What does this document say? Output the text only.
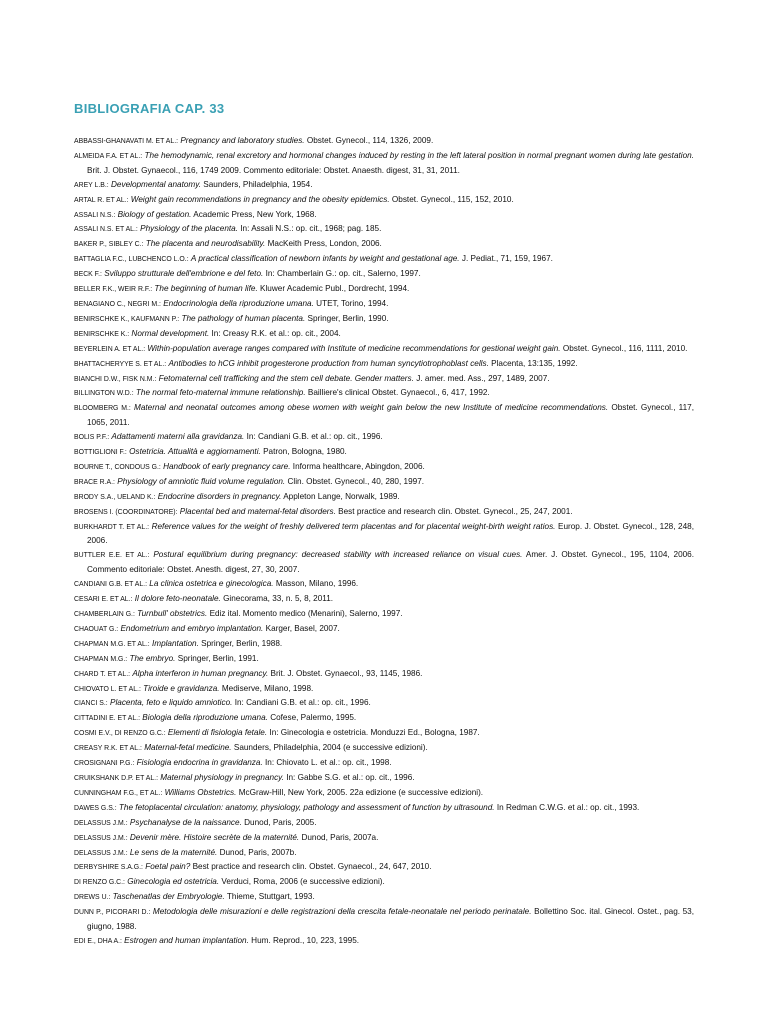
BIBLIOGRAFIA CAP. 33
ABBASSI-GHANAVATI M. ET AL.: Pregnancy and laboratory studies. Obstet. Gynecol., 114, 1326, 2009.
ALMEIDA F.A. ET AL.: The hemodynamic, renal excretory and hormonal changes induced by resting in the left lateral position in normal pregnant women during late gestation. Brit. J. Obstet. Gynaecol., 116, 1749 2009. Commento editoriale: Obstet. Anaesth. digest, 31, 31, 2011.
AREY L.B.: Developmental anatomy. Saunders, Philadelphia, 1954.
ARTAL R. ET AL.: Weight gain recommendations in pregnancy and the obesity epidemics. Obstet. Gynecol., 115, 152, 2010.
ASSALI N.S.: Biology of gestation. Academic Press, New York, 1968.
ASSALI N.S. ET AL.: Physiology of the placenta. In: Assali N.S.: op. cit., 1968; pag. 185.
BAKER P., SIBLEY C.: The placenta and neurodisability. MacKeith Press, London, 2006.
BATTAGLIA F.C., LUBCHENCO L.O.: A practical classification of newborn infants by weight and gestational age. J. Pediat., 71, 159, 1967.
BECK F.: Sviluppo strutturale dell'embrione e del feto. In: Chamberlain G.: op. cit., Salerno, 1997.
BELLER F.K., WEIR R.F.: The beginning of human life. Kluwer Academic Publ., Dordrecht, 1994.
BENAGIANO C., NEGRI M.: Endocrinologia della riproduzione umana. UTET, Torino, 1994.
BENIRSCHKE K., KAUFMANN P.: The pathology of human placenta. Springer, Berlin, 1990.
BENIRSCHKE K.: Normal development. In: Creasy R.K. et al.: op. cit., 2004.
BEYERLEIN A. ET AL.: Within-population average ranges compared with Institute of medicine recommendations for gestional weight gain. Obstet. Gynecol., 116, 1111, 2010.
BHATTACHERYYE S. ET AL.: Antibodies to hCG inhibit progesterone production from human syncytiotrophoblast cells. Placenta, 13:135, 1992.
BIANCHI D.W., FISK N.M.: Fetomaternal cell trafficking and the stem cell debate. Gender matters. J. amer. med. Ass., 297, 1489, 2007.
BILLINGTON W.D.: The normal feto-maternal immune relationship. Bailliere's clinical Obstet. Gynaecol., 6, 417, 1992.
BLOOMBERG M.: Maternal and neonatal outcomes among obese women with weight gain below the new Institute of medicine recommendations. Obstet. Gynecol., 117, 1065, 2011.
BOLIS P.F.: Adattamenti materni alla gravidanza. In: Candiani G.B. et al.: op. cit., 1996.
BOTTIGLIONI F.: Ostetricia. Attualità e aggiornamenti. Patron, Bologna, 1980.
BOURNE T., CONDOUS G.: Handbook of early pregnancy care. Informa healthcare, Abingdon, 2006.
BRACE R.A.: Physiology of amniotic fluid volume regulation. Clin. Obstet. Gynecol., 40, 280, 1997.
BRODY S.A., UELAND K.: Endocrine disorders in pregnancy. Appleton Lange, Norwalk, 1989.
BROSENS I. (COORDINATORE): Placental bed and maternal-fetal disorders. Best practice and research clin. Obstet. Gynecol., 25, 247, 2001.
BURKHARDT T. ET AL.: Reference values for the weight of freshly delivered term placentas and for placental weight-birth weight ratios. Europ. J. Obstet. Gynecol., 128, 248, 2006.
BUTTLER E.E. ET AL.: Postural equilibrium during pregnancy: decreased stability with increased reliance on visual cues. Amer. J. Obstet. Gynecol., 195, 1104, 2006. Commento editoriale: Obstet. Anesth. digest, 27, 30, 2007.
CANDIANI G.B. ET AL.: La clinica ostetrica e ginecologica. Masson, Milano, 1996.
CESARI E. ET AL.: Il dolore feto-neonatale. Ginecorama, 33, n. 5, 8, 2011.
CHAMBERLAIN G.: Turnbull' obstetrics. Ediz ital. Momento medico (Menarini), Salerno, 1997.
CHAOUAT G.: Endometrium and embryo implantation. Karger, Basel, 2007.
CHAPMAN M.G. ET AL.: Implantation. Springer, Berlin, 1988.
CHAPMAN M.G.: The embryo. Springer, Berlin, 1991.
CHARD T. ET AL.: Alpha interferon in human pregnancy. Brit. J. Obstet. Gynaecol., 93, 1145, 1986.
CHIOVATO L. ET AL.: Tiroide e gravidanza. Mediserve, Milano, 1998.
CIANCI S.: Placenta, feto e liquido amniotico. In: Candiani G.B. et al.: op. cit., 1996.
CITTADINI E. ET AL.: Biologia della riproduzione umana. Cofese, Palermo, 1995.
COSMI E.V., DI RENZO G.C.: Elementi di fisiologia fetale. In: Ginecologia e ostetricia. Monduzzi Ed., Bologna, 1987.
CREASY R.K. ET AL.: Maternal-fetal medicine. Saunders, Philadelphia, 2004 (e successive edizioni).
CROSIGNANI P.G.: Fisiologia endocrina in gravidanza. In: Chiovato L. et al.: op. cit., 1998.
CRUIKSHANK D.P. ET AL.: Maternal physiology in pregnancy. In: Gabbe S.G. et al.: op. cit., 1996.
CUNNINGHAM F.G., ET AL.: Williams Obstetrics. McGraw-Hill, New York, 2005. 22a edizione (e successive edizioni).
DAWES G.S.: The fetoplacental circulation: anatomy, physiology, pathology and assessment of function by ultrasound. In Redman C.W.G. et al.: op. cit., 1993.
DELASSUS J.M.: Psychanalyse de la naissance. Dunod, Paris, 2005.
DELASSUS J.M.: Devenir mère. Histoire secrète de la maternité. Dunod, Paris, 2007a.
DELASSUS J.M.: Le sens de la maternité. Dunod, Paris, 2007b.
DERBYSHIRE S.A.G.: Foetal pain? Best practice and research clin. Obstet. Gynaecol., 24, 647, 2010.
DI RENZO G.C.: Ginecologia ed ostetricia. Verduci, Roma, 2006 (e successive edizioni).
DREWS U.: Taschenatlas der Embryologie. Thieme, Stuttgart, 1993.
DUNN P., PICORARI D.: Metodologia delle misurazioni e delle registrazioni della crescita fetale-neonatale nel periodo perinatale. Bollettino Soc. ital. Ginecol. Ostet., pag. 53, giugno, 1988.
EDI E., DHA A.: Estrogen and human implantation. Hum. Reprod., 10, 223, 1995.
